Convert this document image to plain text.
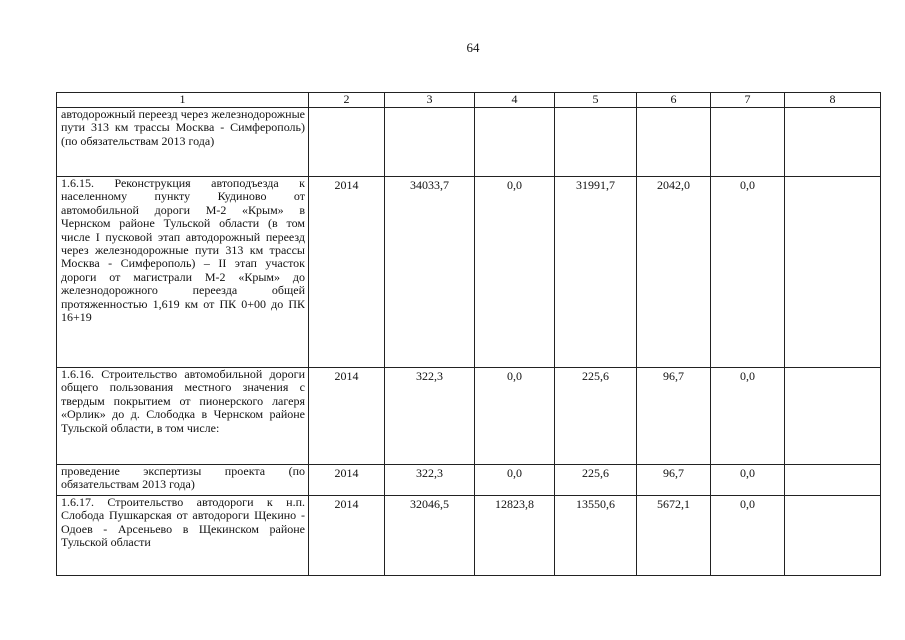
64
1	2	3	4	5	6	7	8
автодорожный переезд через железнодорожные пути 313 км трассы Москва - Симферополь) (по обязательствам 2013 года)							
1.6.15. Реконструкция автоподъезда к населенному пункту Кудиново от автомобильной дороги М-2 «Крым» в Чернском районе Тульской области (в том числе I пусковой этап автодорожный переезд через железнодорожные пути 313 км трассы Москва - Симферополь) – II этап участок дороги от магистрали М-2 «Крым» до железнодорожного переезда общей протяженностью 1,619 км от ПК 0+00 до ПК 16+19	2014	34033,7	0,0	31991,7	2042,0	0,0	
1.6.16. Строительство автомобильной дороги общего пользования местного значения с твердым покрытием от пионерского лагеря «Орлик» до д. Слободка в Чернском районе Тульской области, в том числе:	2014	322,3	0,0	225,6	96,7	0,0	
проведение экспертизы проекта (по обязательствам 2013 года)	2014	322,3	0,0	225,6	96,7	0,0	
1.6.17. Строительство автодороги к н.п. Слобода Пушкарская от автодороги Щекино - Одоев - Арсеньево в Щекинском районе Тульской области	2014	32046,5	12823,8	13550,6	5672,1	0,0	
